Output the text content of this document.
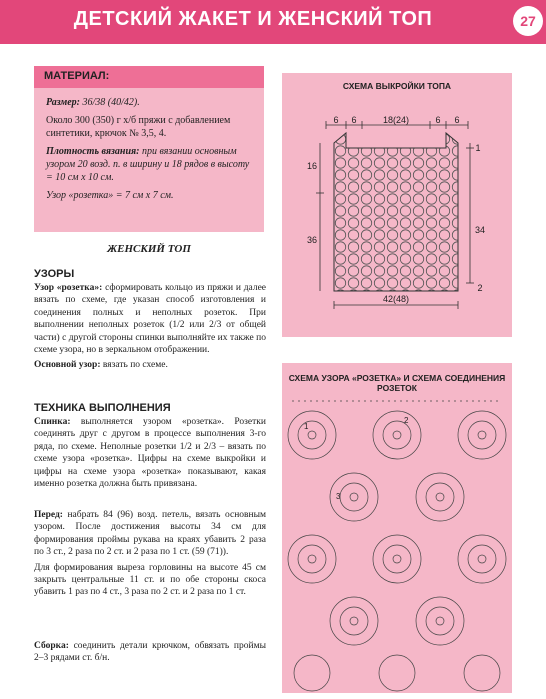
ДЕТСКИЙ ЖАКЕТ И ЖЕНСКИЙ ТОП	27
МАТЕРИАЛ:

Размер: 36/38 (40/42).

Около 300 (350) г х/б пряжи с добавлением синтетики, крючок № 3,5, 4.

Плотность вязания: при вязании основным узором 20 возд. п. в ширину и 18 рядов в высоту = 10 см х 10 см.

Узор «розетка» = 7 см х 7 см.

ЖЕНСКИЙ ТОП
УЗОРЫ

Узор «розетка»: сформировать кольцо из пряжи и далее вязать по схеме, где указан способ изготовления и соединения полных и неполных розеток. При выполнении неполных розеток (1/2 или 2/3 от общей части) с другой стороны спинки выполняйте их также по схеме узора, но в зеркальном отображении.

Основной узор: вязать по схеме.

ТЕХНИКА ВЫПОЛНЕНИЯ

Спинка: выполняется узором «розетка». Розетки соединять друг с другом в процессе выполнения 3-го ряда, по схеме. Неполные розетки 1/2 и 2/3 – вязать по схеме узора «розетка». Цифры на схеме выкройки и цифры на схеме узора «розетка» показывают, какая именно розетка должна быть привязана.

Перед: набрать 84 (96) возд. петель, вязать основным узором. После достижения высоты 34 см для формирования проймы рукава на краях убавить 2 раза по 3 ст., 2 раза по 2 ст. и 2 раза по 1 ст. (59 (71)).

Для формирования выреза горловины на высоте 45 см закрыть центральные 11 ст. и по обе стороны скоса убавить 1 раз по 4 ст., 3 раза по 2 ст. и 2 раза по 1 ст.

Сборка: соединить детали крючком, обвязать проймы 2–3 рядами ст. б/н.

СХЕМА ВЫКРОЙКИ ТОПА
6 6	18(24)	6 6
16
36
1
34
2
42(48)
СХЕМА УЗОРА «РОЗЕТКА» И СХЕМА СОЕДИНЕНИЯ РОЗЕТОК
1
2
3
